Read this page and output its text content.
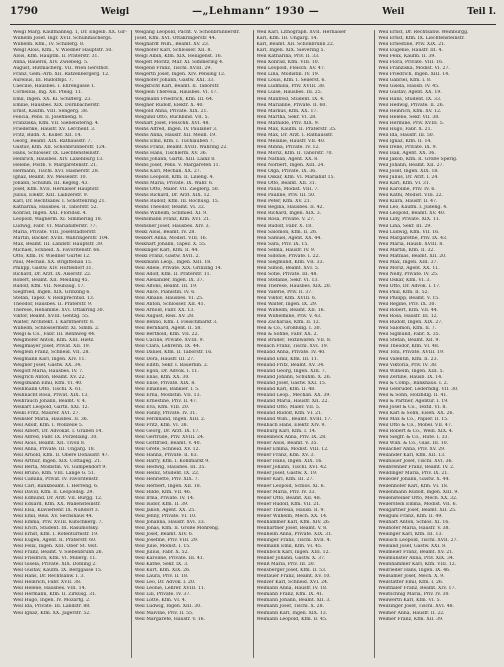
1790	Weigl	—„Lehmann“ 1930 —	Weil	Teil I.
Weigl Marg. Kaufmannsg. 1, Dr. Engelb. XX. Gir-
Wilhelm Josef. Ingr. XVII. Schuhmachergs.
Wilhelm. Kfm., IV. Schillerg. 8.
Weigl Alois, Kfm., V. Wiedner Hauptstr. 50.
Alois, Kfm. Hauptm. II. Praterstr. 31.
Anna, Bäuerin, XIV. Zwiebelg. 5.
August, Hutmacherg. VII. Wien Gersthof.
Franz, Gem.-Arb. XII. Ratzenbergerg. 12.
Aurelius, III. Rudolfspl. 7.
Caecilie, Hausbes. I. Ehrengasse 1.
Cornelius, Ing. XII. Pfeilg. 11.
Emil, Ingen. XX. Kl. Schifferg. 23.
Emilie, Hausbes. XIX. Dörnbacherstr.
Ernst, Kaufm. VIII. Sengerg. 38.
Felicia, Pens. II. Josefineng. 8.
Franziska, Kfm. VII. Siebensterng. 4.
Friederike, Hausfr. XV. Lerchenf. 3.
Fritz, Bildh. X. Koller. XII. 14.
Georg, Beamt. XIX. Rathausstr. 7.
Gustav, Kfm. XII. Schönbrunnerstr. 124.
Hans, Schlosser. IX. Liechtensteinstr.
Heinrich, Hausbes. XIV. Laxenburg 13.
Helene, Postb. V. Margaretenstr. 21.
Hermann, Tischl. XVI. Hasnerstr. 28.
Ignaz, Beamt. XV. Meiselstr. 10.
Johann, Schuhm. III. Kegelg. 43.
Josef, Kfm. XVII. Hernalser Hauptstr.
Julius, Elektr. XIII. Lainzerstr. 9.
Karl, Dr. Rechtsanw. I. Schottenring 21.
Katharina, Hausbes. II. Taborstr. 52.
Konrad, Ingen. XXI. Floridsd. 4.
Leopold, Wagnerm. XI. Simmering 18.
Ludwig, Fabr. VI. Mariahilferstr. 77.
Maria, Private. VIII. Josefstädterstr.
Martin, Bäcker. XVIII. Währingerstr. 104.
Max, Beamt. III. Landstr. Hauptstr. 39.
Michael, Schneid. X. Favoritenstr. 66.
Otto, Kfm. IV. Wiedner Gürtel 12.
Paul, Mechan. XX. Brigittenau 15.
Philipp, Gastw. XIV. Hütteldorf 31.
Richard, Dr. Arzt. IX. Alserstr. 22.
Robert, Beamt. XII. Meidling 45.
Rudolf, Kfm. VII. Neubaug. 17.
Siegfried, Ingen. XIX. Grinzing 6.
Stefan, Tapez. V. Reinprechtsd. 13.
Theodor, Hausbes. II. Praterstr. 9.
Therese, Hebamme. XVI. Ottakring 30.
Viktor, Beamt. XVIII. Gentzg. 55.
Walter, Architekt. I. Kärntnerstr. 8.
Wilhelm, Schlossermstr. XI. Simm. 2.
Weigl & Co., Fabr. III. Rennweg 44.
Weiglhofer Anton, Kfm. XIII. Hietz.
Weiglmayer Josef, Privat. XII. 19.
Weiglein Franz, Schneid. VII. 28.
Weigmann Karl, Ingen. XIV. 11.
Weigner Josef, Gastw. XX. 34.
Weigolt Maria, Hausbes. IV. 7.
Weigrich Anton, Beamt. XV. 22.
Weigsmann Emil, Kfm. VI. 40.
Weihmann Otto, Tischl. X. 61.
Weihnacht Rosa, Privat. XIX. 13.
Weihrauch Johann, Beamt. V. 4.
Weikart Leopold, Gärtn. XXI. 12.
Weikl Fritz, Maurer. XVI. 27.
Weiksler Maria, Hausbes. II. 36.
Weil Adolf, Kfm. I. Wollzeile 5.
Weil Albert, Dr. Advokat. I. Graben 14.
Weil Alfred, Fabr. IX. Porzellang. 30.
Weil Alois, Beamt. XII. Tivoli 8.
Weil Anna, Private. III. Ungarg. 18.
Weil Arnold, Kfm. II. Obere Donaustr. 47.
Weil Arthur, Ingen. XIX. Cottageg. 21.
Weil Berta, Modistin. VI. Gumpendorf 9.
Weil Bruno, Kfm. VIII. Lange G. 51.
Weil Camilla, Privat. IV. Favoritenstr.
Weil Carl, Bankbeamt. I. Herreng. 6.
Weil David, Kfm. II. Leopoldsg. 29.
Weil Edmund, Dr. Arzt. VII. Burgg. 12.
Weil Eduard, Kfm. XX. Wallensteinstr.
Weil Elsa, Klavierlehr. IX. Nußdorf 3.
Weil Emil, Reis. XV. Sechshaus 44.
Weil Emma, Priv. XVIII. Kutschkerg. 7.
Weil Erich, Student. III. Rasumofsky.
Weil Ernst, Kfm. I. Rotenturmstr. 19.
Weil Eugen, Agent. II. Praterstr. 60.
Weil Felix, Ingen. XIII. Ober St. Veit.
Weil Franz, Beamt. V. Siebenbrunn 26.
Weil Friedrich, Kfm. VI. Millerg. 11.
Weil Gisela, Private. XIX. Döbling 2.
Weil Gustav, Kaufm. IX. Berggasse 15.
Weil Hans, Dr. Rechtsanw. I. 3.
Weil Heinrich, Fabr. XVII. 38.
Weil Helene, Hausbes. VIII. 14.
Weil Hermann, Kfm. II. Zirkusg. 31.
Weil Hugo, Ingen. IV. Mozartg. 2.
Weil Ida, Private. III. Landstr. 88.
Weil Ignaz, Kfm. XX. Jägerstr. 52.
Weigang Leopold, Pächt. V. Schönbrunnerstr.
Josef, Kfm. XVI. Ottakringerstr. 44.
Weighardt Wilh., Beamt. XV. 23.
Weighofer Karl, Schlosser. XII. 8.
Weigl Albin, Kfm. XIX. Heiligenst. 16.
Weigelt Moritz, Mar. XI. Simmering 4.
Weigend Franz, Tischl. XVIII. 29.
Weigerth Josef, Ingen. XIV. Pensing 12.
Weighofer Johann, Gastw. XXI. 33.
Weigkricht Karl, Beamt. II. Taborstr.
Weiglein Theresia, Hausbes. VI. 17.
Weigmann Friedrich, Kfm. III. 64.
Weigner Rudolf, Elektr. X. 40.
Weigold Anna, Private. XIX. 21.
Weigund Otto, Buchbind. VII. 5.
Weihart Josef, Fleischh. XVI. 48.
Weihs Alfred, Ingen. IV. Paulaner 3.
Weihs Anna, Hausfr. XII. Meidl. 19.
Weihs Emil, Kfm. I. Tuchlauben 7.
Weihs Franz, Beamt. XVIII. Währing 22.
Weihs Hans, Tischlerm. XV. 36.
Weihs Johann, Gärtn. XIII. Lainz 8.
Weihs Josef, Pens. V. Margareten 11.
Weihs Karl, Mechan. XX. 27.
Weihs Leopold, Kfm. II. Lilieng. 4.
Weihs Maria, Private. IX. Währ. 6.
Weihs Otto, Maler. VII. Zieglerg. 50.
Weihs Richard, Dr. Arzt. XIX. 12.
Weihs Rudolf, Kfm. III. Rochusg. 15.
Weihs Theodor, Beamt. VI. 32.
Weihs Wilhelm, Schmied. XI. 9.
Weihsmann Franz, Kfm. XVI. 21.
Weihsner Josef, Hausbes. XIV. 3.
Weikl Alois, Beamt. IV. 28.
Weikert Anna, Modist. VIII. 16.
Weikhart Johann, Tapez. X. 55.
Weikinger Karl, Kfm. II. 44.
Weikl Franz, Gastw. XVII. 2.
Weikmann Leop., Ingen. XIII. 18.
Weil Adele, Private. XIX. Grinzing 14.
Weil Adolf, Kfm. II. Praterstr. 11.
Weil Alexander, Ingen. IX. 37.
Weil Alfons, Beamt. III. 19.
Weil Alice, Pianistin. IV. 6.
Weil Amalie, Hausbes. VI. 25.
Weil Anton, Schlosser. XII. 41.
Weil Arnold, Fabr. XX. 13.
Weil August, Reis. XV. 28.
Weil Benno, Kfm. I. Fleischmarkt 3.
Weil Bernhard, Agent. II. 58.
Weil Berthold, Kfm. VII. 22.
Weil Cäcilie, Private. XVIII. 9.
Weil Clara, Lehrerin. IX. 44.
Weil Daniel, Kfm. II. Taborstr. 16.
Weil Dora, Hausfr. III. 27.
Weil Edith, Sekr. I. Bauernm. 2.
Weil Egon, Dr. Advok. I. 11.
Weil Elias, Kfm. XX. 30.
Weil Elise, Private. XIX. 8.
Weil Emanuel, Bankier. I. 5.
Weil Erna, Modistin. VII. 13.
Weil Ernestine, Priv. II. 47.
Weil Eva, Kfm. VIII. 20.
Weil Fanny, Private. IV. 31.
Weil Ferdinand, Ingen. XIII. 2.
Weil Fritz, Kfm. VI. 38.
Weil Georg, Dr. Arzt. IX. 17.
Weil Gertrude, Priv. XVIII. 24.
Weil Gottfried, Beamt. V. 40.
Weil Grete, Schneid. XV. 12.
Weil Hanna, Private. II. 63.
Weil Harry, Kfm. I. Kohlmarkt 9.
Weil Hedwig, Hausbes. III. 35.
Weil Heinz, Student. IX. 22.
Weil Henriette, Priv. XIX. 7.
Weil Herbert, Ingen. XII. 18.
Weil Hilde, Kfm. VII. 46.
Weil Irma, Private. IV. 14.
Weil Isidor, Kfm. II. 39.
Weil Jakob, Agent. XX. 25.
Weil Jenny, Private. VI. 10.
Weil Johanna, Hausfr. XVI. 33.
Weil Jonas, Kfm. II. Große Mohreng.
Weil Josef, Beamt. XIV. 6.
Weil Josefine, Priv. VIII. 29.
Weil Julie, Modist. I. 15.
Weil Julius, Fabr. X. 52.
Weil Karoline, Private. III. 41.
Weil Käthe, Sekr. IX. 3.
Weil Kurt, Kfm. XIX. 26.
Weil Laura, Priv. II. 18.
Weil Leo, Dr. Advok. I. 20.
Weil Leonie, Lehrer. XVIII. 11.
Weil Lili, Private. IV. 37.
Weil Lotte, Kfm. VI. 4.
Weil Ludwig, Ingen. XIII. 30.
Weil Malvine, Priv. II. 55.
Weil Margarete, Hausfr. V. 16.
Weil Karl, Lithograph. XVII. Hernalser
Karl, Kfm. III. Ungarg. 14.
Karl, Beamt. XII. Schönbrunn 22.
Karl, Ingen. XIX. Sievering 5.
Weil Katharina, Priv. II. 33.
Weil Konrad, Kfm. VIII. 10.
Weil Leopold, Fleisch. XV. 47.
Weil Lina, Modistin. IV. 19.
Weil Louis, Kfm. I. Seilerst. 6.
Weil Ludmilla, Priv. XVIII. 38.
Weil Luise, Hausbes. III. 25.
Weil Manfred, Student. IX. 4.
Weil Marianne, Private. II. 60.
Weil Markus, Kfm. XX. 17.
Weil Martha, Sekr. VI. 28.
Weil Mathilde, Priv. XIX. 9.
Weil Max, Kaufm. II. Praterstr. 35.
Weil Max, Dr. Arzt. I. Rathausstr.
Weil Melanie, Hausfr. VII. 40.
Weil Minna, Private. IV. 12.
Weil Moriz, Kfm. II. Taborstr. 70.
Weil Nathan, Agent. XX. 8.
Weil Norbert, Ingen. XIII. 24.
Weil Olga, Private. IX. 36.
Weil Oskar, Kfm. VI. Mariahilf 15.
Weil Otto, Beamt. XII. 31.
Weil Paula, Modist. VIII. 7.
Weil Pauline, Priv. III. 50.
Weil Peter, Kfm. XV. 21.
Weil Regina, Hausbes. II. 42.
Weil Richard, Ingen. XIX. 3.
Weil Rosa, Private. V. 27.
Weil Rudolf, Fabr. X. 18.
Weil Salomon, Kfm. II. 26.
Weil Samuel, Agent. XX. 44.
Weil Sara, Priv. IX. 15.
Weil Selma, Hausfr. IV. 9.
Weil Sidonie, Private. I. 22.
Weil Siegmund, Kfm. VII. 33.
Weil Simon, Beamt. XVI. 5.
Weil Sofie, Private. III. 48.
Weil Stefanie, Sekr. VI. 13.
Weil Therese, Hausbes. XIX. 20.
Weil Valerie, Priv. II. 37.
Weil Viktor, Kfm. XVIII. 6.
Weil Walter, Ingen. IX. 29.
Weil Wilhelm, Beamt. XII. 16.
Weil Wilhelmine, Priv. V. 43.
Weil Zacharias, Kfm. II. 12.
Weil & Co., Großhdlg. I. 30.
Weil & Söhne, Fabr. XX. 2.
Weil Brüder, Textilwaren. VII. 8.
Weilach Franz, Tischl. XVI. 19.
Weiland Anna, Private. IV. 40.
Weiland Emil, Kfm. III. 11.
Weiland Fritz, Beamt. XV. 34.
Weiland Georg, Ingen. XIII. 7.
Weiland Johann, Schuhm. X. 26.
Weiland Josef, Gastw. XXI. 15.
Weiland Karl, Kfm. II. 48.
Weiland Leop., Mechan. XX. 39.
Weiland Maria, Hausfr. XII. 22.
Weiland Otto, Maler. VII. 5.
Weiland Rudolf, Kfm. VI. 21.
Weiland Wilh., Beamt. XVIII. 17.
Weilbach Hans, Elektr. XIV. 9.
Weilburg Karl, Kfm. I. 14.
Weilenbeck Anna, Priv. IX. 28.
Weiler Alois, Beamt. V. 35.
Weiler Emma, Modist. VIII. 12.
Weiler Franz, Kfm. XV. 3.
Weiler Hans, Ingen. XIX. 16.
Weiler Johann, Tischl. XVI. 42.
Weiler Josef, Gastw. X. 19.
Weiler Karl, Kfm. III. 27.
Weiler Leopold, Schlos. XI. 6.
Weiler Maria, Priv. IV. 33.
Weiler Otto, Beamt. XII. 48.
Weiler Rudolf, Kfm. VII. 21.
Weiler Theresia, Hausb. II. 9.
Weiler Wilhelm, Mech. XX. 14.
Weilhammer Karl, Kfm. XIV. 26.
Weilhartner Josef, Beamt. V. 8.
Weilheim Anna, Private. XIX. 31.
Weilinger Franz, Tischl. XVII. 4.
Weilmann Emil, Kfm. VI. 45.
Weilnböck Karl, Ingen. XIII. 12.
Weilner Johann, Gastw. X. 37.
Weilß Maria, Priv. III. 20.
Weilsberger Josef, Kfm. II. 53.
Weiltauer Franz, Beamt. XV. 10.
Weilzer Karl, Schneid. XVI. 24.
Weimann Anna, Hausfr. IV. 18.
Weimann Franz, Kfm. IX. 41.
Weimann Johann, Beamt. XII. 3.
Weimann Josef, Tischl. X. 28.
Weimann Karl, Ingen. XIX. 13.
Weimann Leopold, Kfm. II. 45.
Weil Ernst, Dr. Rechtsanw. Weihburgg.
Weil Ernst, Kfm. IX. Liechtensteinstr.
Weil Ernestine, Priv. XIX. 21.
Weil Eugenie, Hausfr. III. 4.
Weil Felix, Kaufm. II. 39.
Weil Flora, Private. VIII. 16.
Weil Franziska, Modist. VI. 27.
Weil Friedrich, Ingen. XIII. 14.
Weil Gabriel, Kfm. I. 8.
Weil Gisela, Hausb. IV. 45.
Weil Gustav, Agent. XX. 19.
Weil Hans, Student. IX. 33.
Weil Hedwig, Private. II. 26.
Weil Heinrich, Kfm. XV. 12.
Weil Helene, Sekr. VII. 38.
Weil Hermine, Priv. XVIII. 5.
Weil Hugo, Fabr. X. 21.
Weil Ida, Hausfr. III. 50.
Weil Ignaz, Kfm. II. 14.
Weil Irene, Private. IX. 9.
Weil Isak, Agent. XX. 36.
Weil Jakob, Kfm. II. Große Sperlg.
Weil Johann, Beamt. XII. 27.
Weil Josef, Ingen. XIX. 18.
Weil Julius, Dr. Arzt. I. 24.
Weil Karl, Kfm. VI. 31.
Weil Karoline, Priv. IV. 6.
Weil Kathi, Modist. VIII. 22.
Weil Klara, Hausfr. II. 47.
Weil Leo, Kaufm. I. Judeng. 4.
Weil Leopold, Beamt. XV. 40.
Weil Lilly, Private. XIX. 11.
Weil Lina, Sekr. III. 29.
Weil Ludwig, Kfm. VII. 16.
Weil Margarethe, Priv. IX. 43.
Weil Maria, Hausb. XVIII. 8.
Weil Martin, Kfm. II. 32.
Weil Mathias, Beamt. XII. 20.
Weil Max, Ingen. XIII. 37.
Weil Moriz, Agent. XX. 11.
Weil Nelly, Private. IV. 25.
Weil Oskar, Kfm. VI. 3.
Weil Otto, Dr. Advok. I. 17.
Weil Paul, Kfm. II. 52.
Weil Philipp, Beamt. V. 15.
Weil Regine, Priv. IX. 30.
Weil Robert, Kfm. VII. 44.
Weil Rosa, Hausfr. III. 12.
Weil Rudolf, Ingen. XIX. 27.
Weil Salomon, Kfm. II. 7.
Weil Sigmund, Fabr. X. 35.
Weil Stefan, Beamt. XII. 9.
Weil Theodor, Kfm. VI. 48.
Weil Toni, Private. XVIII. 19.
Weil Valentin, Kfm. II. 23.
Weil Viktoria, Priv. IV. 38.
Weil Wilhelm, Ingen. XIII. 5.
Weil Zerline, Hausb. IX. 14.
Weil & Comp., Bankhaus. I. 2.
Weil Gebrüder, Lederhdlg. VII. 30.
Weil & Sohn, Holzhdlg. II. 41.
Weil & Partner, Agentur. I. 19.
Weil Josef & Co., Textil. VI. 8.
Weil Karl & Sohn, Eisen. XX. 26.
Weil Max & Co., Papier. II. 15.
Weil Otto & Co., Möbel. VII. 47.
Weil Robert & Co., Wein. XIX. 4.
Weil Siegfr. & Co., Hüte. I. 33.
Weil Wilh. & Co., Glas. III. 10.
Weilacher Anna, Priv. XV. 29.
Weilander Karl, Kfm. XII. 13.
Weilbauer Josef, Tischl. XVI. 36.
Weilbrenner Franz, Beamt. IV. 2.
Weildinger Maria, Priv. IX. 21.
Weileder Johann, Gastw. X. 44.
Weilenhofer Karl, Kfm. VI. 18.
Weilenmann Rudolf, Ingen. XIII. 9.
Weilensteiner Otto, Mech. XX. 32.
Weilerstein Emma, Modist. VII. 6.
Weilgartner Josef, Beamt. XII. 25.
Weilguni Franz, Kfm. II. 49.
Weilhart Anton, Schlos. XI. 16.
Weilhofer Maria, Hausfr. V. 38.
Weilinger Karl, Kfm. III. 13.
Weilisch Leopold, Tischl. XVII. 27.
Weilland Josef, Gastw. XXI. 8.
Weilmeier Franz, Beamt. XV. 21.
Weilmünster Anna, Priv. XIX. 34.
Weilnhammer Karl, Kfm. VIII. 12.
Weilrieder Hans, Ingen. IX. 46.
Weilsamer Josef, Mech. X. 9.
Weilstätter Emil, Kfm. I. 26.
Weilthaler Franz, Beamt. XIV. 17.
Weiltschnig Maria, Priv. IV. 30.
Weilwerth Karl, Kfm. VI. 5.
Weilzinger Josef, Tischl. XVI. 48.
Weimer Anna, Hausfr. II. 22.
Weimer Franz, Kfm. XII. 39.
